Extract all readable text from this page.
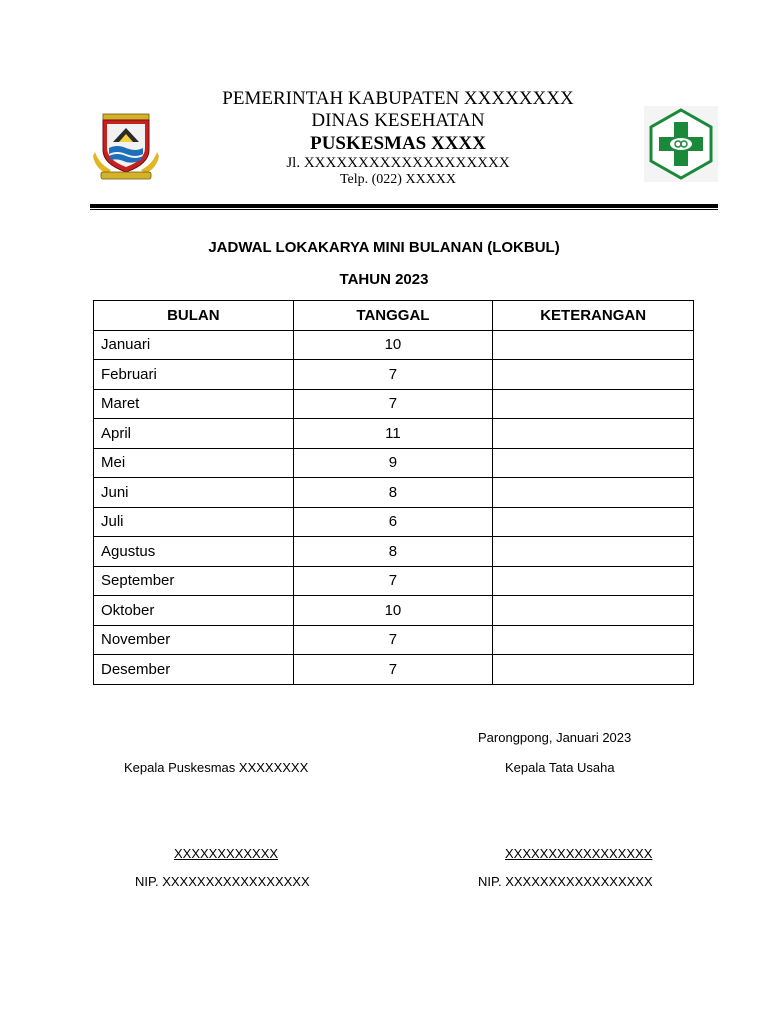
PEMERINTAH KABUPATEN XXXXXXXX
DINAS KESEHATAN
PUSKESMAS XXXX
Jl. XXXXXXXXXXXXXXXXXXX
Telp. (022) XXXXX
JADWAL LOKAKARYA MINI BULANAN (LOKBUL)
TAHUN 2023
BULAN	TANGGAL	KETERANGAN
Januari	10	
Februari	7	
Maret	7	
April	11	
Mei	9	
Juni	8	
Juli	6	
Agustus	8	
September	7	
Oktober	10	
November	7	
Desember	7	
Parongpong, Januari 2023
Kepala Puskesmas XXXXXXXX	Kepala Tata Usaha
XXXXXXXXXXXX	XXXXXXXXXXXXXXXXX
NIP. XXXXXXXXXXXXXXXXX	NIP. XXXXXXXXXXXXXXXXX
